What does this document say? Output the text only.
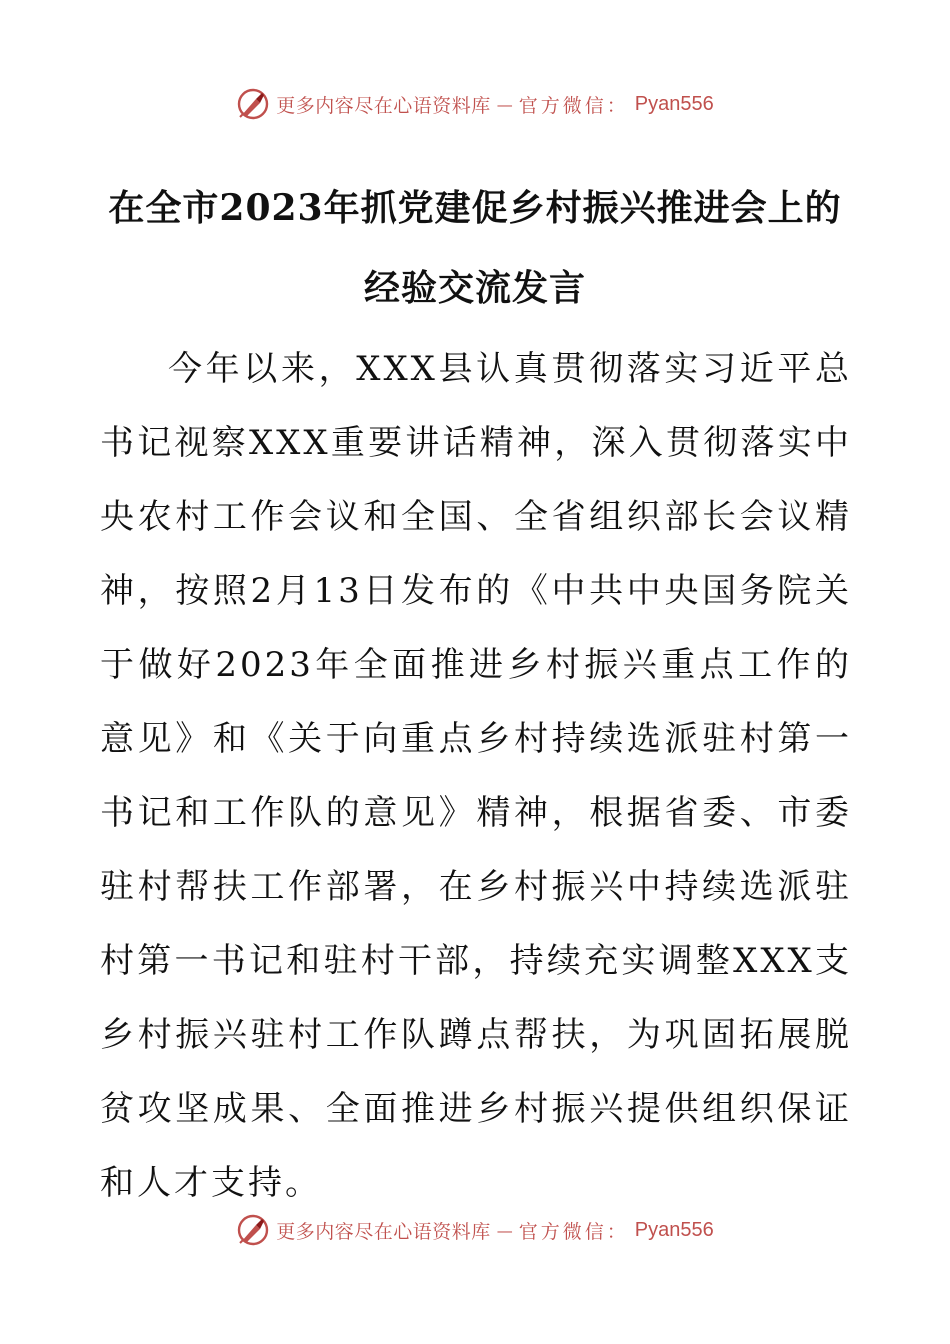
更多内容尽在心语资料库 — 官方微信： Pyan556
在全市2023年抓党建促乡村振兴推进会上的经验交流发言

今年以来，XXX县认真贯彻落实习近平总书记视察XXX重要讲话精神，深入贯彻落实中央农村工作会议和全国、全省组织部长会议精神，按照2月13日发布的《中共中央国务院关于做好2023年全面推进乡村振兴重点工作的意见》和《关于向重点乡村持续选派驻村第一书记和工作队的意见》精神，根据省委、市委驻村帮扶工作部署，在乡村振兴中持续选派驻村第一书记和驻村干部，持续充实调整XXX支乡村振兴驻村工作队蹲点帮扶，为巩固拓展脱贫攻坚成果、全面推进乡村振兴提供组织保证和人才支持。

更多内容尽在心语资料库 — 官方微信： Pyan556
